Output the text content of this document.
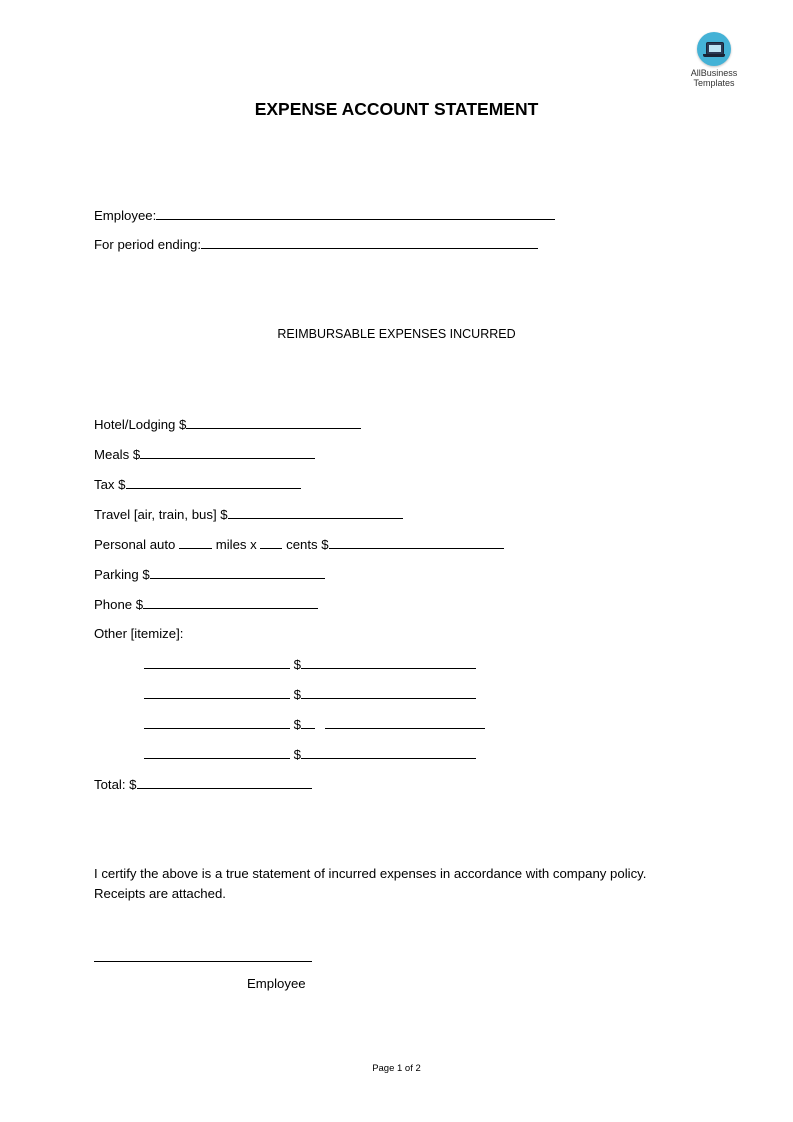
AllBusiness
Templates
EXPENSE ACCOUNT STATEMENT
Employee:
For period ending:
REIMBURSABLE EXPENSES INCURRED
Hotel/Lodging $
Meals $
Tax $
Travel [air, train, bus] $
Personal auto	miles x cents $
Parking $
Phone $
Other [itemize]:
$
$
$
$
Total: $
I certify the above is a true statement of incurred expenses in accordance with company policy.
Receipts are attached.
Employee
Page 1 of 2
